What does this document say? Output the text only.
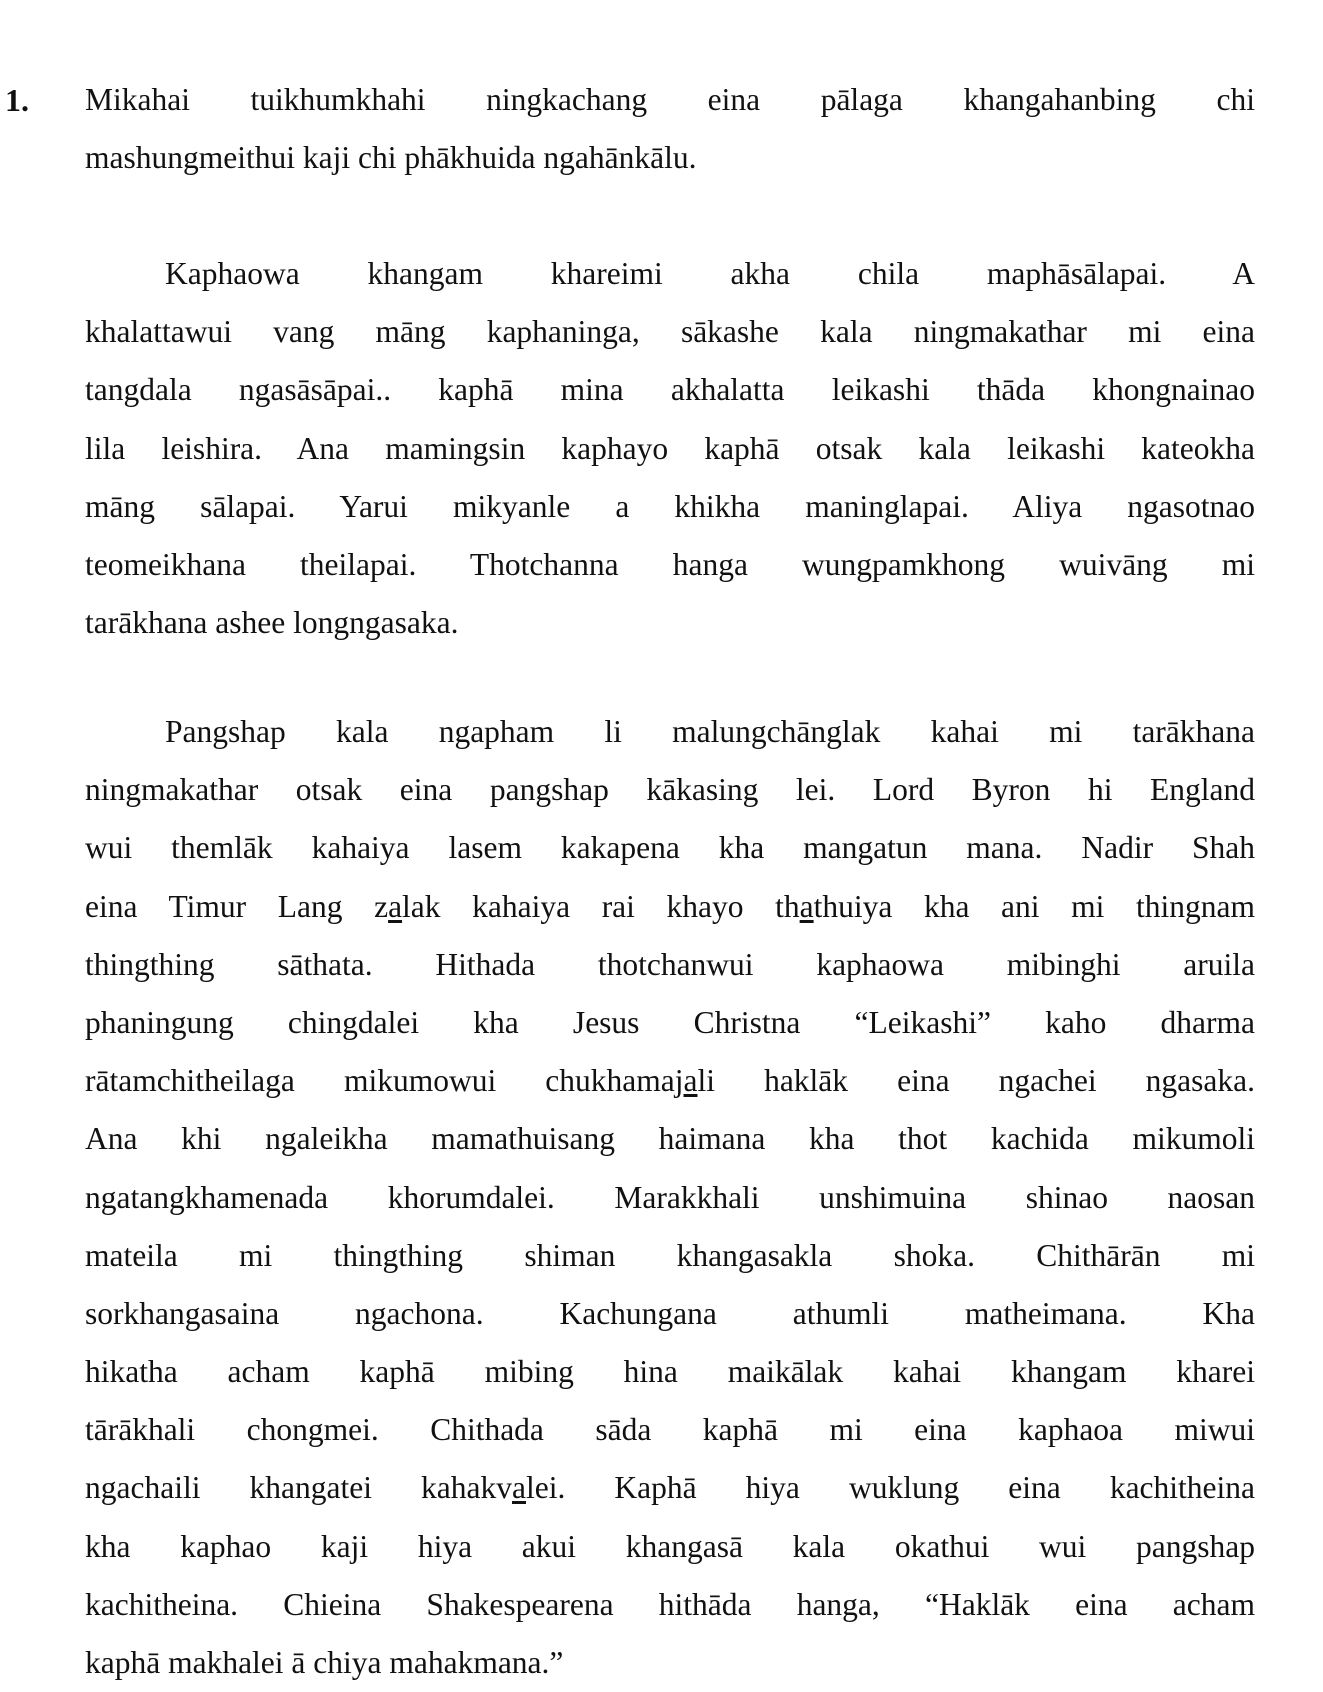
1. Mikahai tuikhumkhahi ningkachang eina pālaga khangahanbing chi
mashungmeithui kaji chi phākhuida ngahānkālu.
Kaphaowa khangam khareimi akha chila maphāsālapai. A
khalattawui vang māng kaphaninga, sākashe kala ningmakathar mi eina
tangdala ngasāsāpai.. kaphā mina akhalatta leikashi thāda khongnainao
lila leishira. Ana mamingsin kaphayo kaphā otsak kala leikashi kateokha
māng sālapai. Yarui mikyanle a khikha maninglapai. Aliya ngasotnao
teomeikhana theilapai. Thotchanna hanga wungpamkhong wuivāng mi
tarākhana ashee longngasaka.
Pangshap kala ngapham li malungchānglak kahai mi tarākhana
ningmakathar otsak eina pangshap kākasing lei. Lord Byron hi England
wui themlāk kahaiya lasem kakapena kha mangatun mana. Nadir Shah
eina Timur Lang zalak kahaiya rai khayo thathuiya kha ani mi thingnam
thingthing sāthata. Hithada thotchanwui kaphaowa mibinghi aruila
phaningung chingdalei kha Jesus Christna “Leikashi” kaho dharma
rātamchitheilaga mikumowui chukhamajali haklāk eina ngachei ngasaka.
Ana khi ngaleikha mamathuisang haimana kha thot kachida mikumoli
ngatangkhamenada khorumdalei. Marakkhali unshimuina shinao naosan
mateila mi thingthing shiman khangasakla shoka. Chithārān mi
sorkhangasaina ngachona. Kachungana athumli matheimana. Kha
hikatha acham kaphā mibing hina maikālak kahai khangam kharei
tārākhali chongmei. Chithada sāda kaphā mi eina kaphaoa miwui
ngachaili khangatei kahakvalei. Kaphā hiya wuklung eina kachitheina
kha kaphao kaji hiya akui khangasā kala okathui wui pangshap
kachitheina. Chieina Shakespearena hithāda hanga, “Haklāk eina acham
kaphā makhalei ā chiya mahakmana.”
